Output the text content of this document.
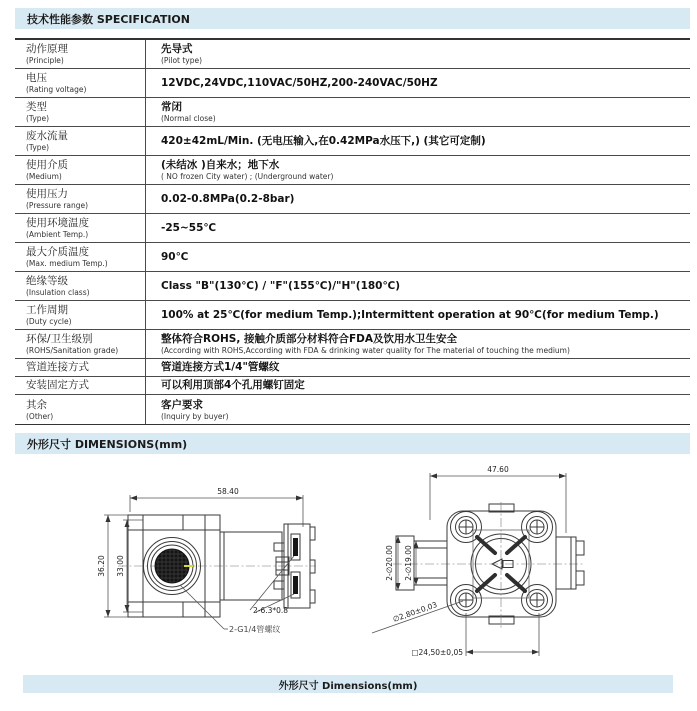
技术性能参数 SPECIFICATION
动作原理
(Principle)
先导式
(Pilot type)
电压
(Rating voltage)
12VDC,24VDC,110VAC/50HZ,200-240VAC/50HZ
类型
(Type)
常闭
(Normal close)
废水流量
(Type)
420±42mL/Min. (无电压输入,在0.42MPa水压下,) (其它可定制)
使用介质
(Medium)
(未结冰 )自来水；地下水
( NO frozen City water) ; (Underground water)
使用压力
(Pressure range)
0.02-0.8MPa(0.2-8bar)
使用环境温度
(Ambient Temp.)
-25~55℃
最大介质温度
(Max. medium Temp.)
90℃
绝缘等级
(Insulation class)
Class "B"(130℃) / "F"(155℃)/"H"(180℃)
工作周期
(Duty cycle)
100% at 25℃(for medium Temp.);Intermittent operation at 90℃(for medium Temp.)
环保/卫生级别
(ROHS/Sanitation grade)
整体符合ROHS, 接触介质部分材料符合FDA及饮用水卫生安全
(According with ROHS,According with FDA & drinking water quality for The material of touching the medium)
管道连接方式	管道连接方式1/4"管螺纹
安装固定方式	可以利用顶部4个孔用螺钉固定
其余
(Other)
客户要求
(Inquiry by buyer)
外形尺寸 DIMENSIONS(mm)
58.40
36.20 33.00
2-G1/4管螺纹
2-6.3*0.8
47.60
2-∅20.00 2-∅19.00
∅2,80±0,03
□24,50±0,05
外形尺寸 Dimensions(mm)
